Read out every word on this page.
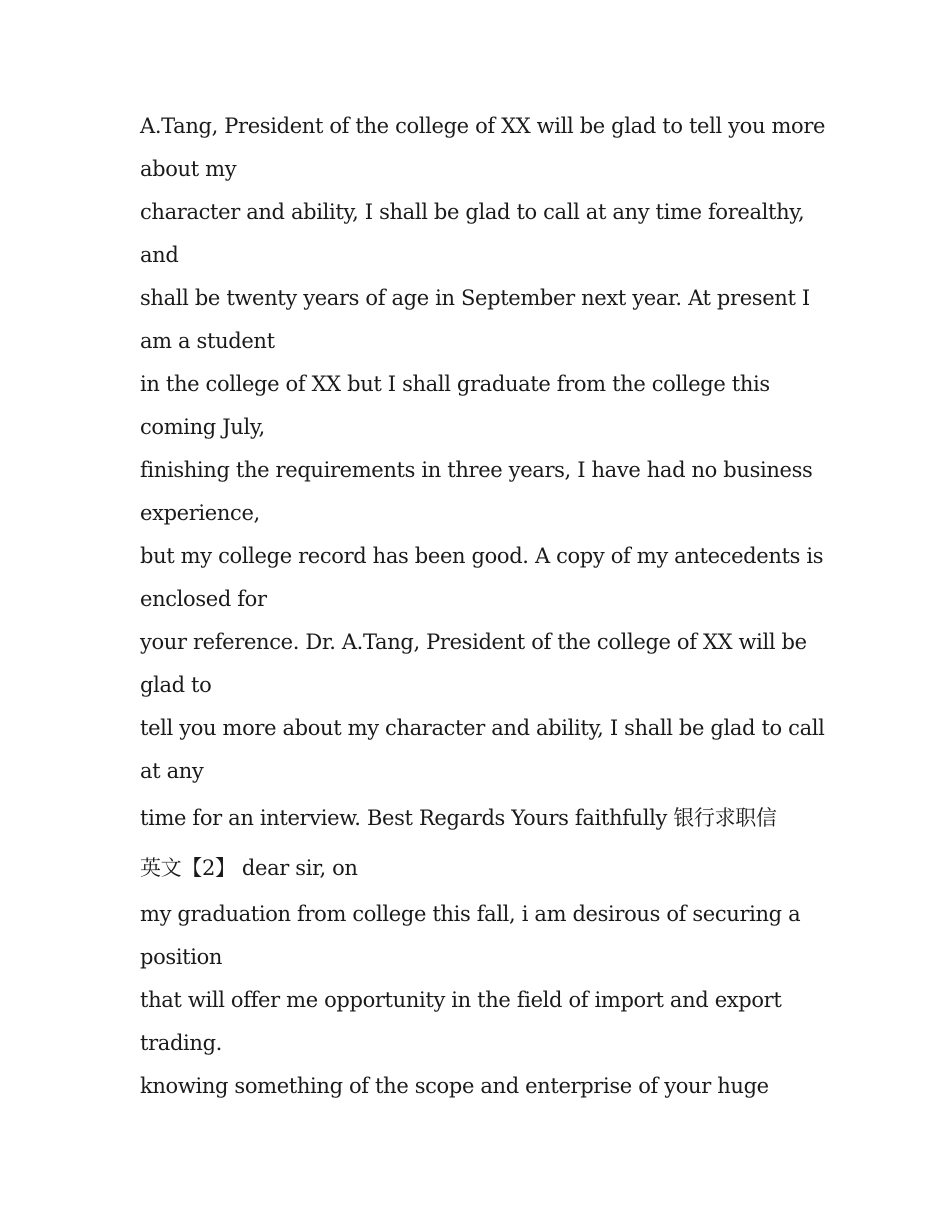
A.Tang, President of the college of XX will be glad to tell you more
about my
character and ability, I shall be glad to call at any time forealthy,
and
shall be twenty years of age in September next year. At present I
am a student
in the college of XX but I shall graduate from the college this
coming July,
finishing the requirements in three years, I have had no business
experience,
but my college record has been good. A copy of my antecedents is
enclosed for
your reference. Dr. A.Tang, President of the college of XX will be
glad to
tell you more about my character and ability, I shall be glad to call
at any
time for an interview. Best Regards Yours faithfully 银行求职信
英文【2】 dear sir, on
my graduation from college this fall, i am desirous of securing a
position
that will offer me opportunity in the field of import and export
trading.
knowing something of the scope and enterprise of your huge
